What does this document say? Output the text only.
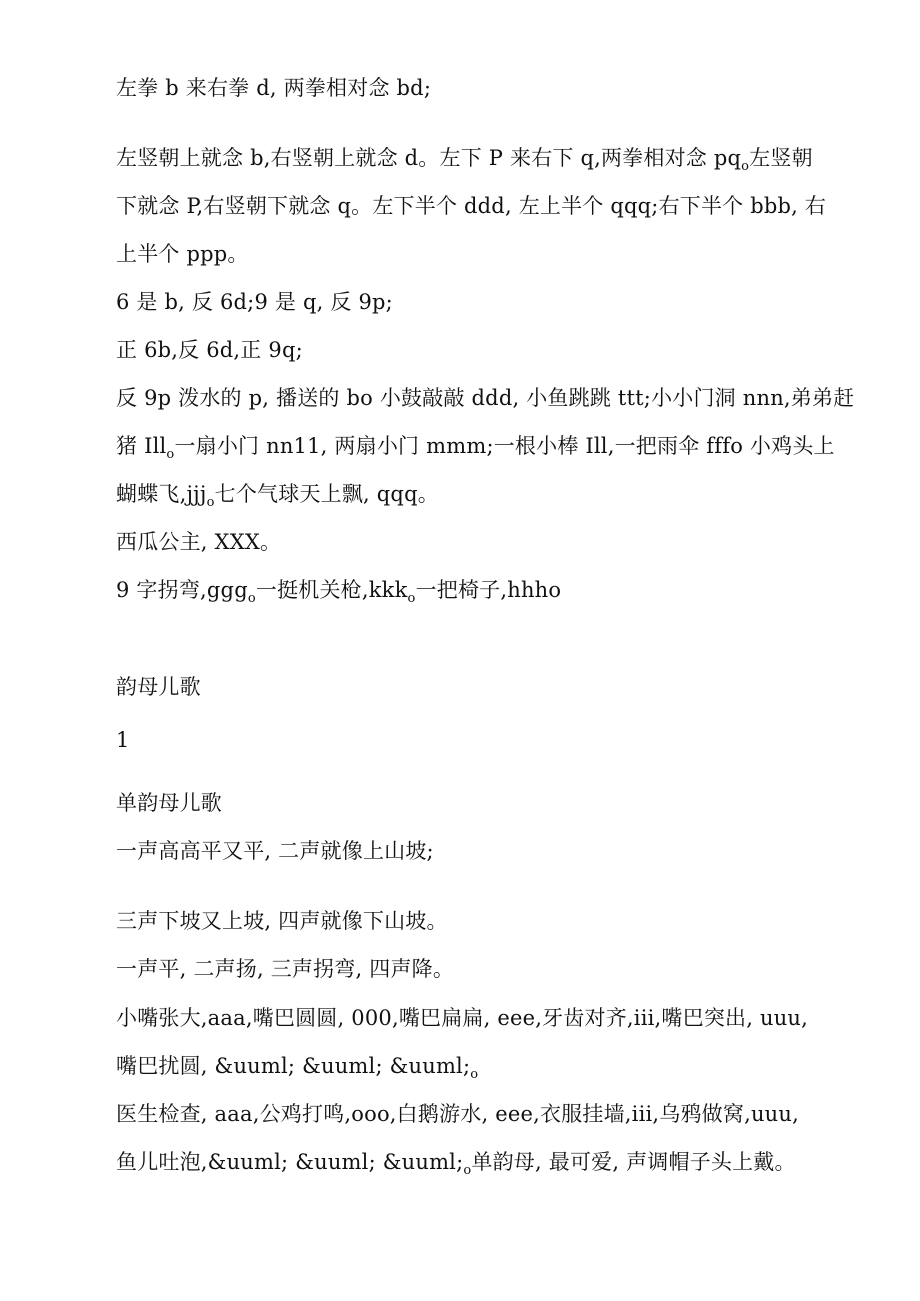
左拳 b 来右拳 d, 两拳相对念 bd;

左竖朝上就念 b,右竖朝上就念 d。左下 P 来右下 q,两拳相对念 $pq_o$左竖朝

下就念 P,右竖朝下就念 q。左下半个 ddd, 左上半个 qqq;右下半个 bbb, 右

上半个 ppp。

6 是 b, 反 6d;9 是 q, 反 9p;

正 6b,反 6d,正 9q;

反 9p 泼水的 p, 播送的 bo 小鼓敲敲 ddd, 小鱼跳跳 ttt;小小门洞 nnn,弟弟赶

猪 Ill$_o$一扇小门 nn11, 两扇小门 mmm;一根小棒 Ill,一把雨伞 fffo 小鸡头上

蝴蝶飞,jjj$_o$七个气球天上飘, qqq。

西瓜公主, XXX。

9 字拐弯,ggg$_o$一挺机关枪,kkk$_o$一把椅子,hhho

韵母儿歌

1

单韵母儿歌

一声高高平又平, 二声就像上山坡;

三声下坡又上坡, 四声就像下山坡。

一声平, 二声扬, 三声拐弯, 四声降。

小嘴张大,aaa,嘴巴圆圆, 000,嘴巴扁扁, eee,牙齿对齐,iii,嘴巴突出, uuu,

嘴巴扰圆, &uuml; &uuml; $\&uuml;_o$

医生检查, aaa,公鸡打鸣,ooo,白鹅游水, eee,衣服挂墙,iii,乌鸦做窝,uuu,

鱼儿吐泡,&uuml; &uuml; $\&uuml;_o$单韵母, 最可爱, 声调帽子头上戴。
